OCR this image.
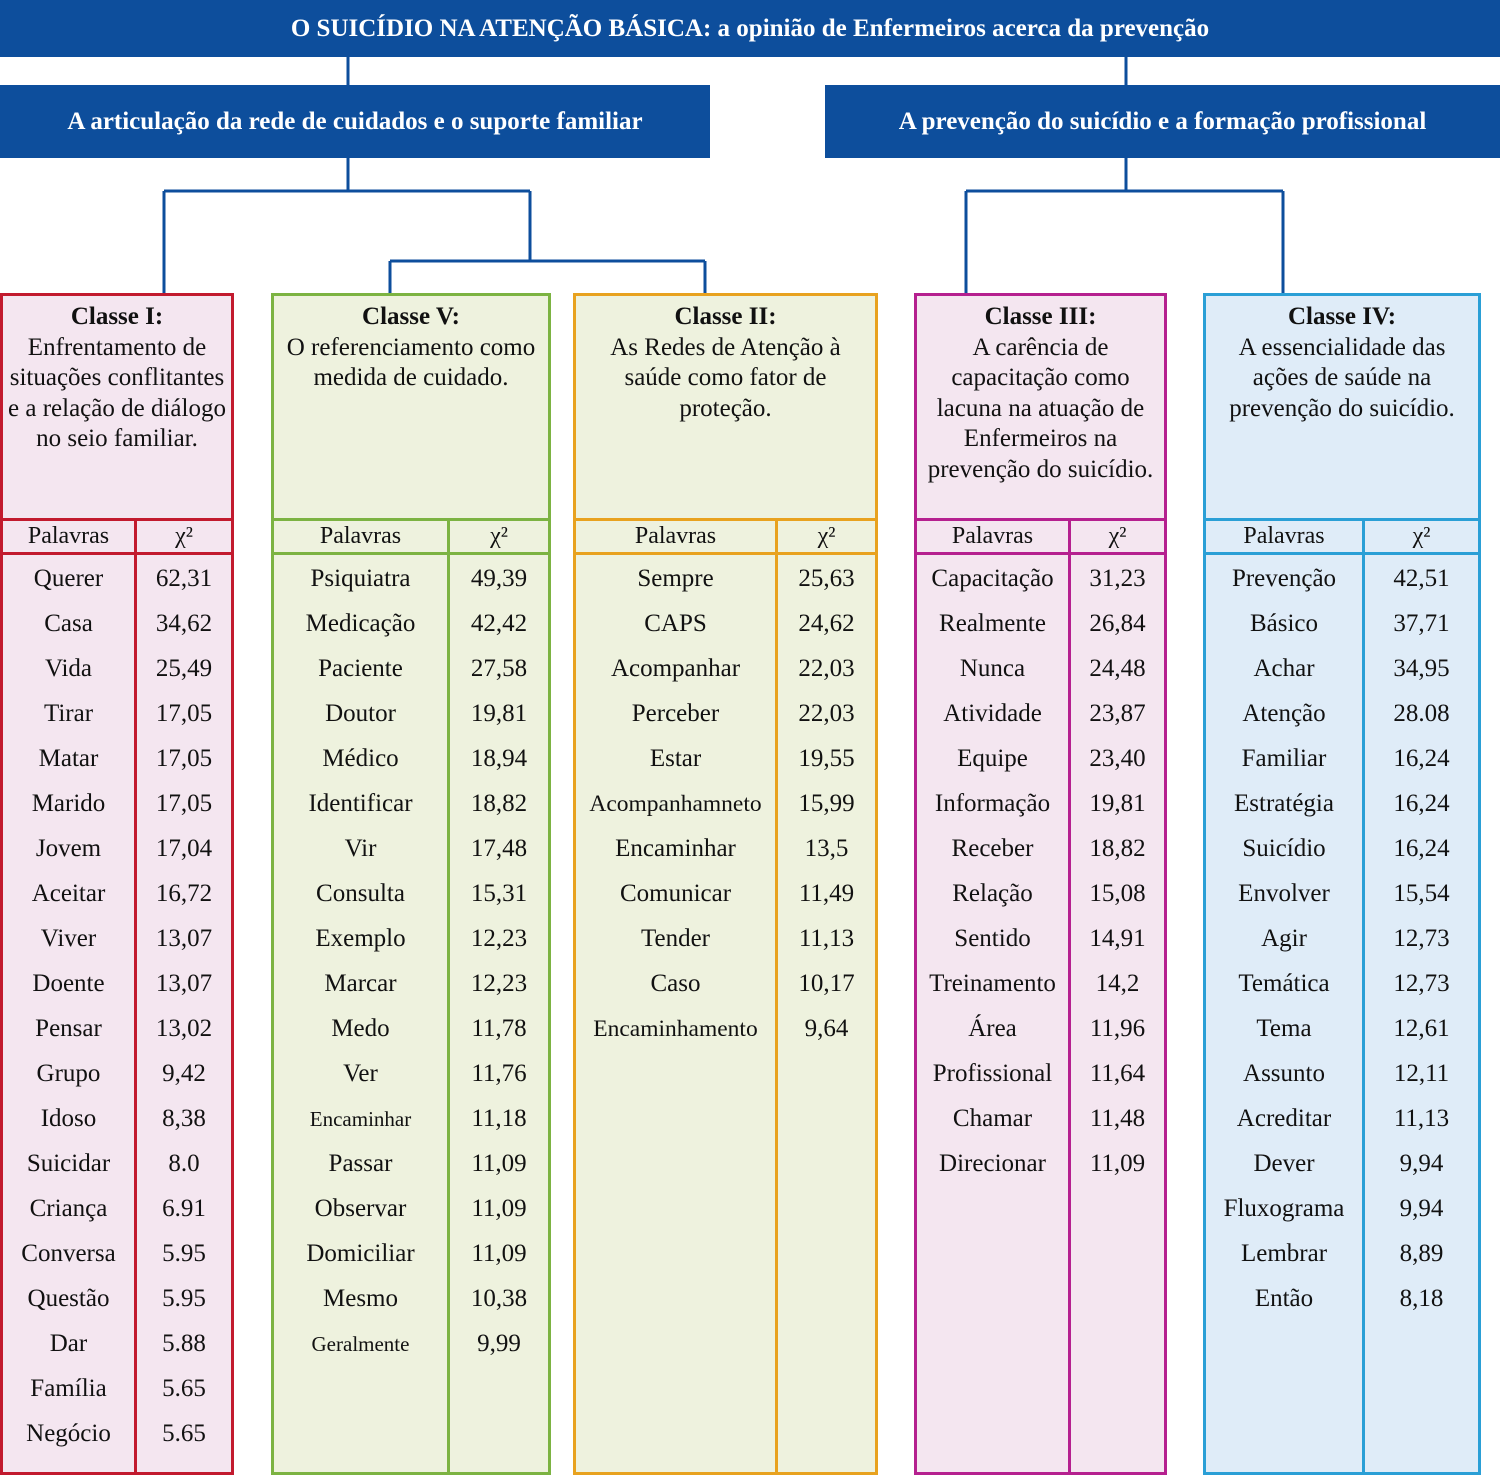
O SUICÍDIO NA ATENÇÃO BÁSICA: a opinião de Enfermeiros acerca da prevenção
A articulação da rede de cuidados e o suporte familiar	A prevenção do suicídio e a formação profissional
Classe I:
Enfrentamento de situações conflitantes e a relação de diálogo no seio familiar.
Palavras	χ²
Querer	62,31
Casa	34,62
Vida	25,49
Tirar	17,05
Matar	17,05
Marido	17,05
Jovem	17,04
Aceitar	16,72
Viver	13,07
Doente	13,07
Pensar	13,02
Grupo	9,42
Idoso	8,38
Suicidar	8.0
Criança	6.91
Conversa	5.95
Questão	5.95
Dar	5.88
Família	5.65
Negócio	5.65
Classe V:
O referenciamento como medida de cuidado.
Palavras	χ²
Psiquiatra	49,39
Medicação	42,42
Paciente	27,58
Doutor	19,81
Médico	18,94
Identificar	18,82
Vir	17,48
Consulta	15,31
Exemplo	12,23
Marcar	12,23
Medo	11,78
Ver	11,76
Encaminhar	11,18
Passar	11,09
Observar	11,09
Domiciliar	11,09
Mesmo	10,38
Geralmente	9,99
Classe II:
As Redes de Atenção à saúde como fator de proteção.
Palavras	χ²
Sempre	25,63
CAPS	24,62
Acompanhar	22,03
Perceber	22,03
Estar	19,55
Acompanhamneto	15,99
Encaminhar	13,5
Comunicar	11,49
Tender	11,13
Caso	10,17
Encaminhamento	9,64
Classe III:
A carência de capacitação como lacuna na atuação de Enfermeiros na prevenção do suicídio.
Palavras	χ²
Capacitação	31,23
Realmente	26,84
Nunca	24,48
Atividade	23,87
Equipe	23,40
Informação	19,81
Receber	18,82
Relação	15,08
Sentido	14,91
Treinamento	14,2
Área	11,96
Profissional	11,64
Chamar	11,48
Direcionar	11,09
Classe IV:
A essencialidade das ações de saúde na prevenção do suicídio.
Palavras	χ²
Prevenção	42,51
Básico	37,71
Achar	34,95
Atenção	28.08
Familiar	16,24
Estratégia	16,24
Suicídio	16,24
Envolver	15,54
Agir	12,73
Temática	12,73
Tema	12,61
Assunto	12,11
Acreditar	11,13
Dever	9,94
Fluxograma	9,94
Lembrar	8,89
Então	8,18
